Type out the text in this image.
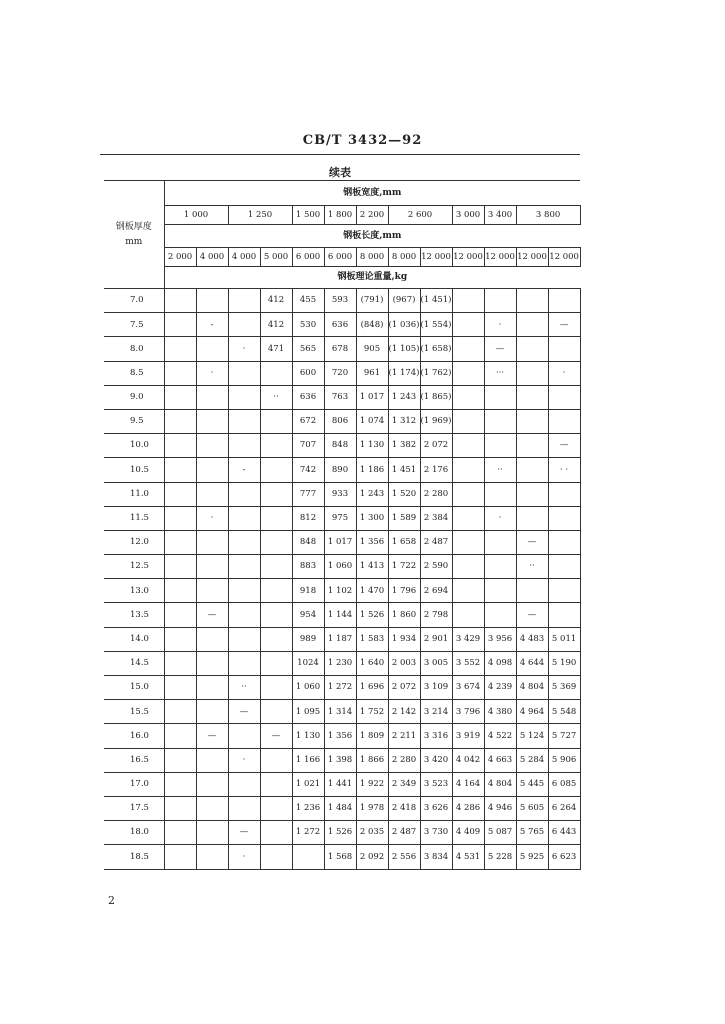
CB/T 3432—92
续表
钢板厚度
mm	钢板宽度,mm												
	1 000		1 250		1 500	1 800	2 200	2 600		3 000	3 400	3 800	
	钢板长度,mm												
	2 000	4 000	4 000	5 000	6 000	6 000	8 000	8 000	12 000	12 000	12 000	12 000	12 000
	钢板理论重量,kg												
7.0				412	455	593	(791)	(967)	(1 451)				
7.5		-		412	530	636	(848)	(1 036)	(1 554)		·		—
8.0			·	471	565	678	905	(1 105)	(1 658)		—		
8.5		·			600	720	961	(1 174)	(1 762)		···		·
9.0				··	636	763	1 017	1 243	(1 865)				
9.5					672	806	1 074	1 312	(1 969)				
10.0					707	848	1 130	1 382	2 072				—
10.5			-		742	890	1 186	1 451	2 176		··		· ·
11.0					777	933	1 243	1 520	2 280				
11.5		·			812	975	1 300	1 589	2 384		·		
12.0					848	1 017	1 356	1 658	2 487			—	
12.5					883	1 060	1 413	1 722	2 590			··	
13.0					918	1 102	1 470	1 796	2 694				
13.5		—			954	1 144	1 526	1 860	2 798			—	
14.0					989	1 187	1 583	1 934	2 901	3 429	3 956	4 483	5 011
14.5					1024	1 230	1 640	2 003	3 005	3 552	4 098	4 644	5 190
15.0			··		1 060	1 272	1 696	2 072	3 109	3 674	4 239	4 804	5 369
15.5			—		1 095	1 314	1 752	2 142	3 214	3 796	4 380	4 964	5 548
16.0		—		—	1 130	1 356	1 809	2 211	3 316	3 919	4 522	5 124	5 727
16.5			·		1 166	1 398	1 866	2 280	3 420	4 042	4 663	5 284	5 906
17.0					1 021	1 441	1 922	2 349	3 523	4 164	4 804	5 445	6 085
17.5					1 236	1 484	1 978	2 418	3 626	4 286	4 946	5 605	6 264
18.0			—		1 272	1 526	2 035	2 487	3 730	4 409	5 087	5 765	6 443
18.5			·			1 568	2 092	2 556	3 834	4 531	5 228	5 925	6 623
2
